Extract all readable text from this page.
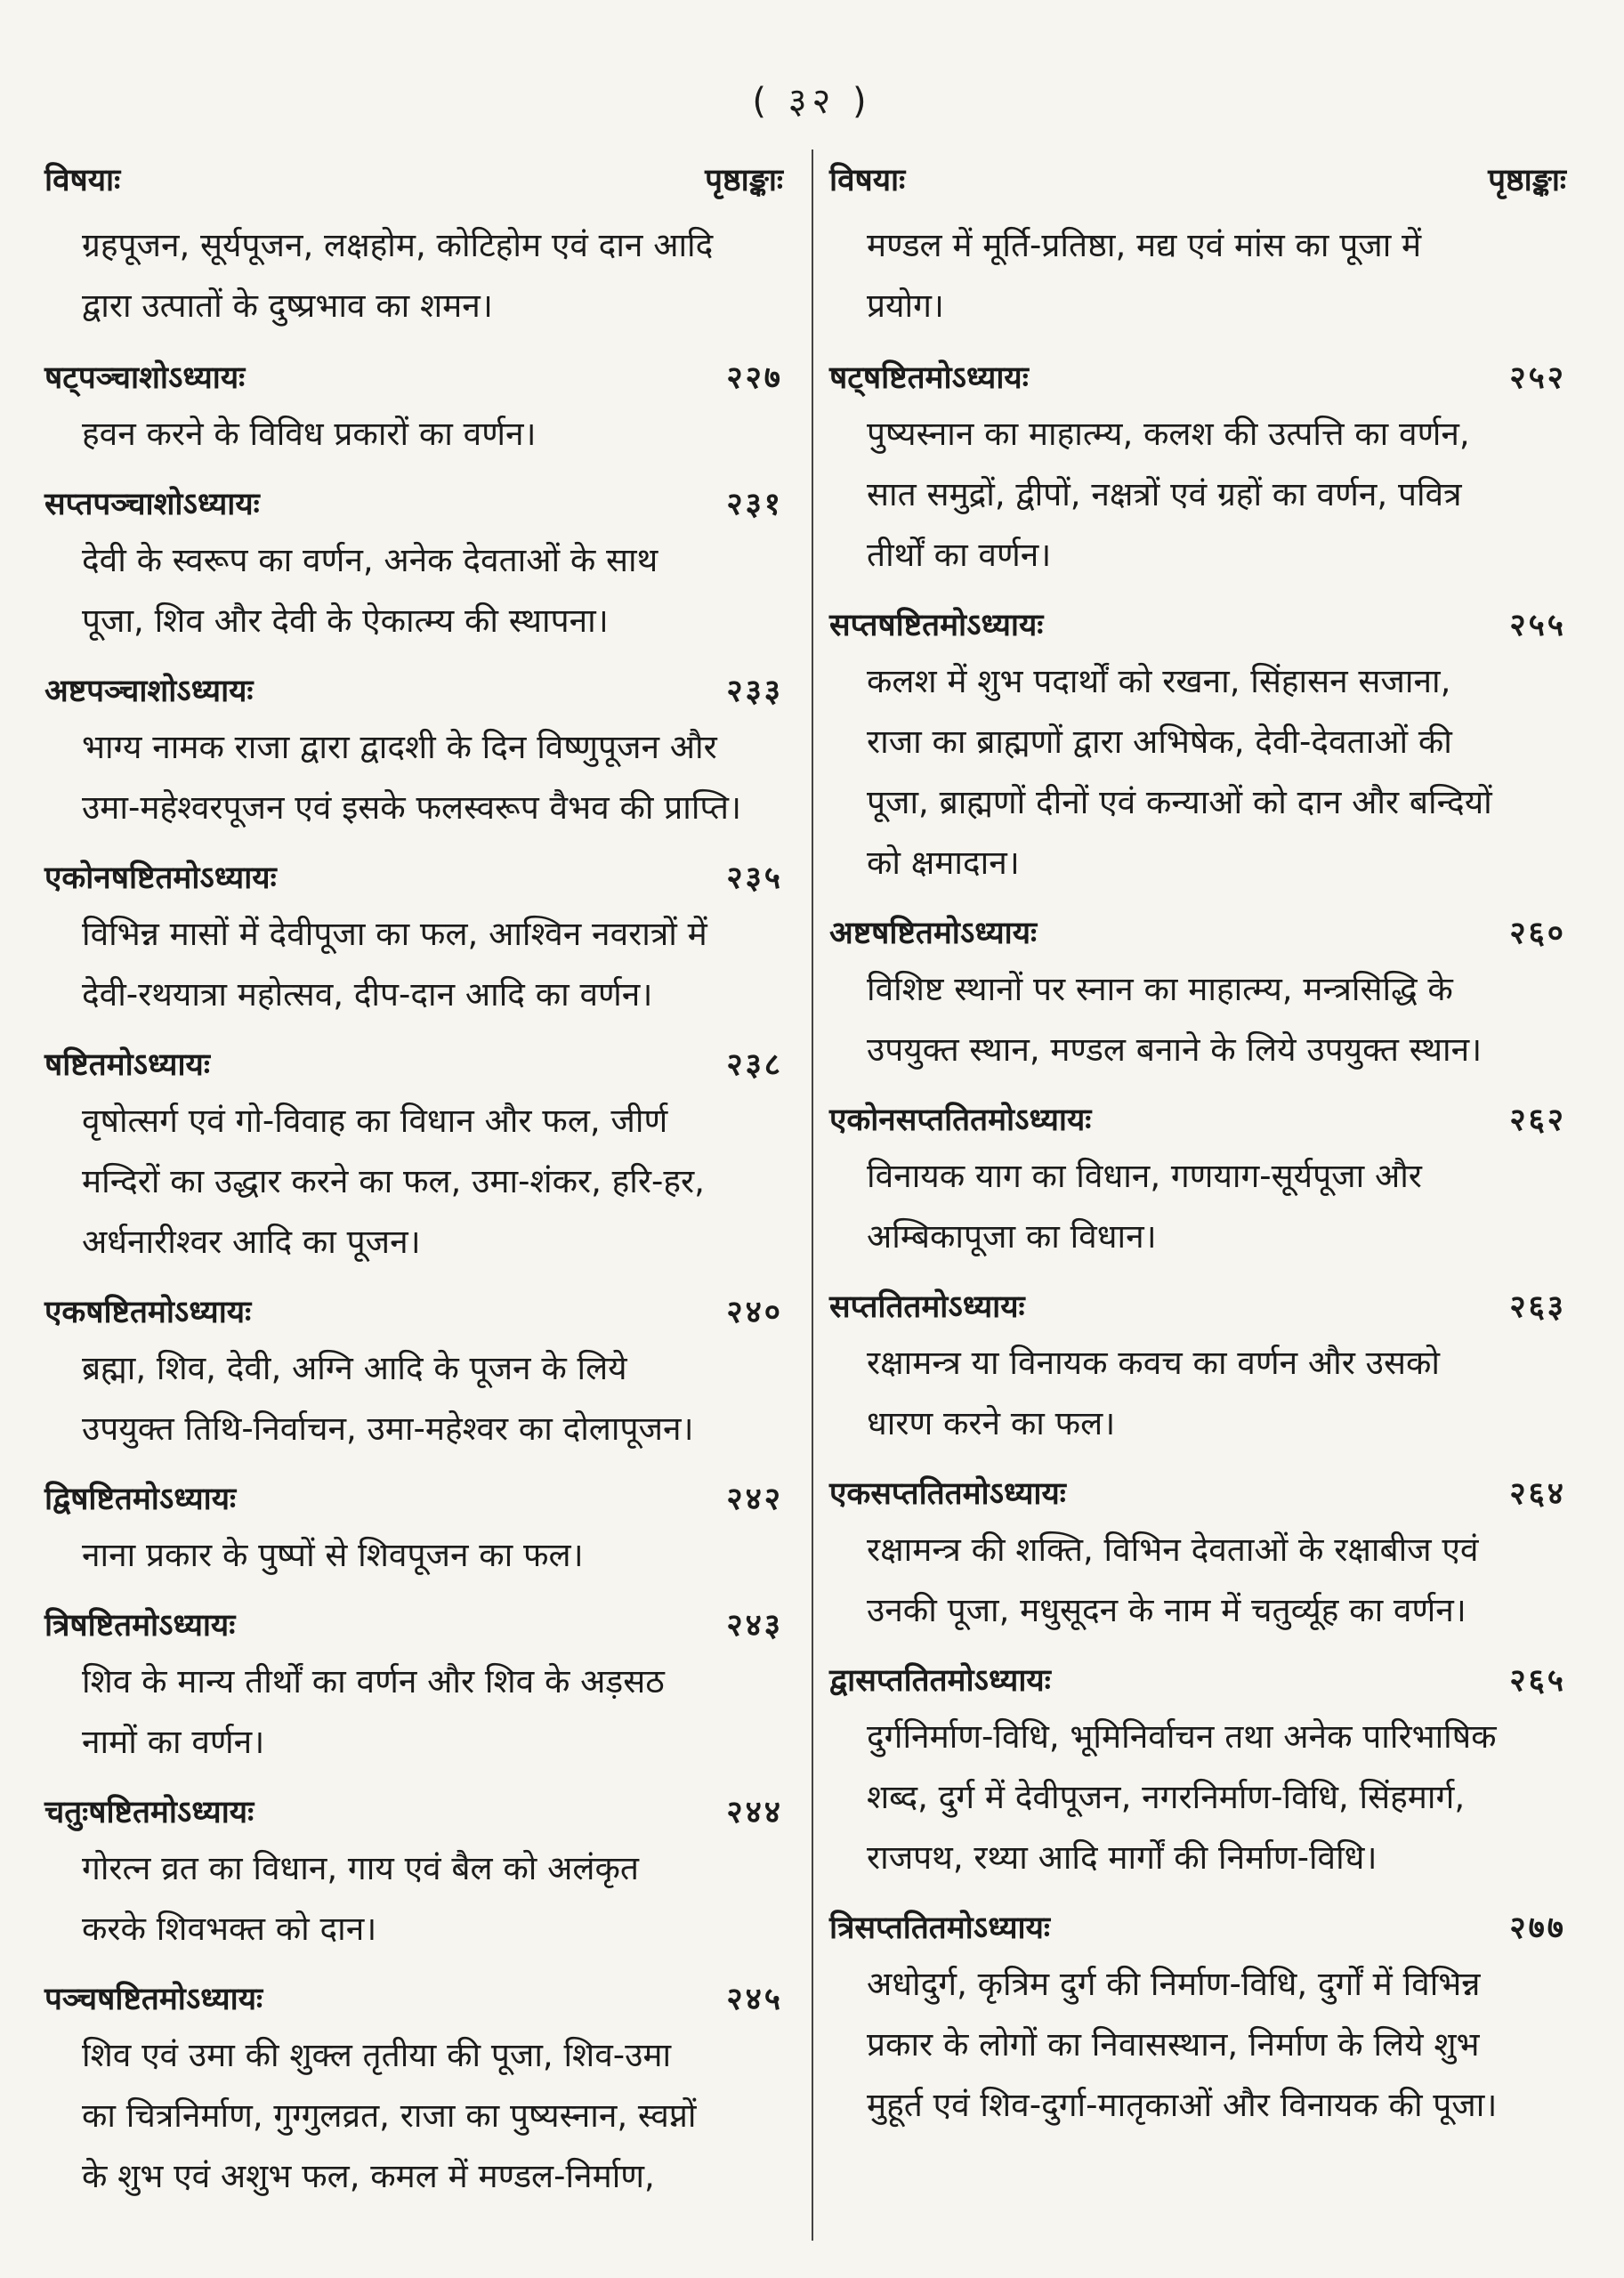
( ३२ )
विषयाः	पृष्ठाङ्काः
ग्रहपूजन, सूर्यपूजन, लक्षहोम, कोटिहोम एवं दान आदि
द्वारा उत्पातों के दुष्प्रभाव का शमन।
षट्पञ्चाशोऽध्यायः	२२७
हवन करने के विविध प्रकारों का वर्णन।
सप्तपञ्चाशोऽध्यायः	२३१
देवी के स्वरूप का वर्णन, अनेक देवताओं के साथ
पूजा, शिव और देवी के ऐकात्म्य की स्थापना।
अष्टपञ्चाशोऽध्यायः	२३३
भाग्य नामक राजा द्वारा द्वादशी के दिन विष्णुपूजन और
उमा-महेश्वरपूजन एवं इसके फलस्वरूप वैभव की प्राप्ति।
एकोनषष्टितमोऽध्यायः	२३५
विभिन्न मासों में देवीपूजा का फल, आश्विन नवरात्रों में
देवी-रथयात्रा महोत्सव, दीप-दान आदि का वर्णन।
षष्टितमोऽध्यायः	२३८
वृषोत्सर्ग एवं गो-विवाह का विधान और फल, जीर्ण
मन्दिरों का उद्धार करने का फल, उमा-शंकर, हरि-हर,
अर्धनारीश्वर आदि का पूजन।
एकषष्टितमोऽध्यायः	२४०
ब्रह्मा, शिव, देवी, अग्नि आदि के पूजन के लिये
उपयुक्त तिथि-निर्वाचन, उमा-महेश्वर का दोलापूजन।
द्विषष्टितमोऽध्यायः	२४२
नाना प्रकार के पुष्पों से शिवपूजन का फल।
त्रिषष्टितमोऽध्यायः	२४३
शिव के मान्य तीर्थों का वर्णन और शिव के अड़सठ
नामों का वर्णन।
चतुःषष्टितमोऽध्यायः	२४४
गोरत्न व्रत का विधान, गाय एवं बैल को अलंकृत
करके शिवभक्त को दान।
पञ्चषष्टितमोऽध्यायः	२४५
शिव एवं उमा की शुक्ल तृतीया की पूजा, शिव-उमा
का चित्रनिर्माण, गुग्गुलव्रत, राजा का पुष्यस्नान, स्वप्नों
के शुभ एवं अशुभ फल, कमल में मण्डल-निर्माण,
विषयाः	पृष्ठाङ्काः
मण्डल में मूर्ति-प्रतिष्ठा, मद्य एवं मांस का पूजा में
प्रयोग।
षट्षष्टितमोऽध्यायः	२५२
पुष्यस्नान का माहात्म्य, कलश की उत्पत्ति का वर्णन,
सात समुद्रों, द्वीपों, नक्षत्रों एवं ग्रहों का वर्णन, पवित्र
तीर्थों का वर्णन।
सप्तषष्टितमोऽध्यायः	२५५
कलश में शुभ पदार्थों को रखना, सिंहासन सजाना,
राजा का ब्राह्मणों द्वारा अभिषेक, देवी-देवताओं की
पूजा, ब्राह्मणों दीनों एवं कन्याओं को दान और बन्दियों
को क्षमादान।
अष्टषष्टितमोऽध्यायः	२६०
विशिष्ट स्थानों पर स्नान का माहात्म्य, मन्त्रसिद्धि के
उपयुक्त स्थान, मण्डल बनाने के लिये उपयुक्त स्थान।
एकोनसप्ततितमोऽध्यायः	२६२
विनायक याग का विधान, गणयाग-सूर्यपूजा और
अम्बिकापूजा का विधान।
सप्ततितमोऽध्यायः	२६३
रक्षामन्त्र या विनायक कवच का वर्णन और उसको
धारण करने का फल।
एकसप्ततितमोऽध्यायः	२६४
रक्षामन्त्र की शक्ति, विभिन देवताओं के रक्षाबीज एवं
उनकी पूजा, मधुसूदन के नाम में चतुर्व्यूह का वर्णन।
द्वासप्ततितमोऽध्यायः	२६५
दुर्गनिर्माण-विधि, भूमिनिर्वाचन तथा अनेक पारिभाषिक
शब्द, दुर्ग में देवीपूजन, नगरनिर्माण-विधि, सिंहमार्ग,
राजपथ, रथ्या आदि मार्गों की निर्माण-विधि।
त्रिसप्ततितमोऽध्यायः	२७७
अधोदुर्ग, कृत्रिम दुर्ग की निर्माण-विधि, दुर्गों में विभिन्न
प्रकार के लोगों का निवासस्थान, निर्माण के लिये शुभ
मुहूर्त एवं शिव-दुर्गा-मातृकाओं और विनायक की पूजा।
